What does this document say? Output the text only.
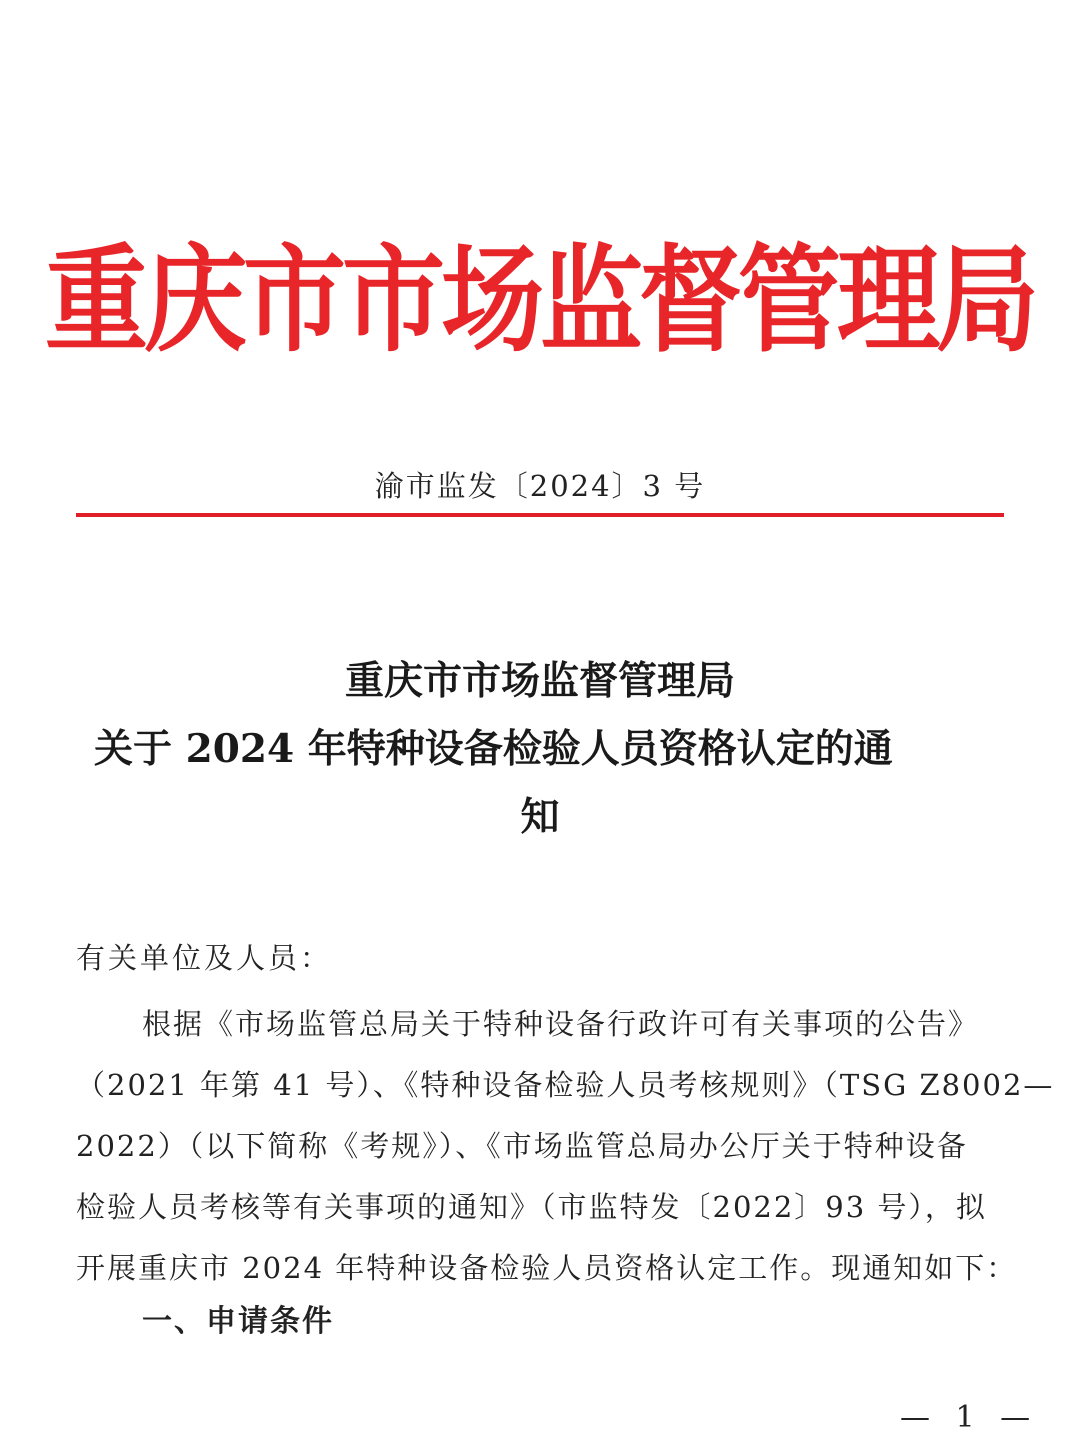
重庆市市场监督管理局
渝市监发〔2024〕3 号
重庆市市场监督管理局
关于 2024 年特种设备检验人员资格认定的通
知
有关单位及人员：
根据《市场监管总局关于特种设备行政许可有关事项的公告》
（2021 年第 41 号）、《特种设备检验人员考核规则》（TSG Z8002—
2022）（以下简称《考规》）、《市场监管总局办公厅关于特种设备
检验人员考核等有关事项的通知》（市监特发〔2022〕93 号），拟
开展重庆市 2024 年特种设备检验人员资格认定工作。现通知如下：
一、申请条件
— 1 —
